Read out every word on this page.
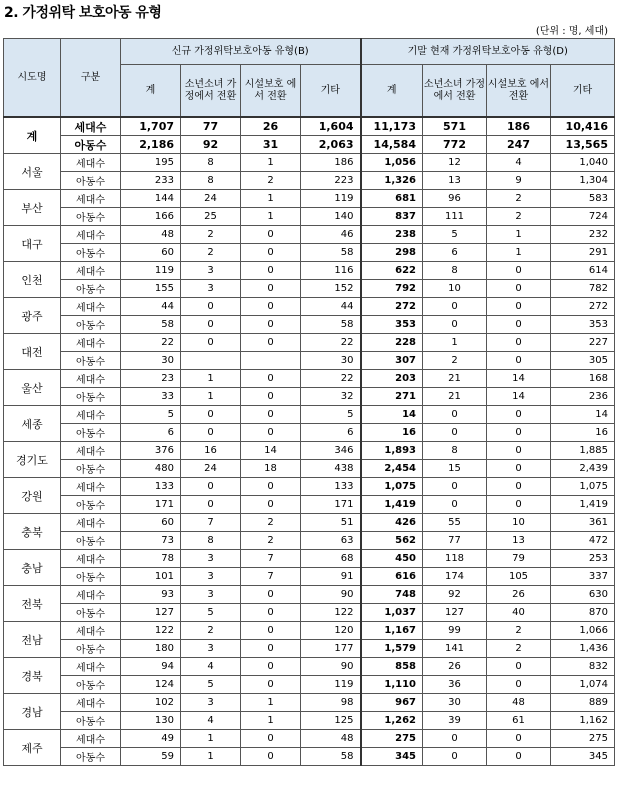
2. 가정위탁 보호아동 유형
(단위 : 명, 세대)
시도명	구분	신규 가정위탁보호아동 유형(B)				기말 현재 가정위탁보호아동 유형(D)			
		계	소년소녀 가정에서 전환	시설보호 에서 전환	기타	계	소년소녀 가정에서 전환	시설보호 에서 전환	기타
계	세대수	1,707	77	26	1,604	11,173	571	186	10,416
	아동수	2,186	92	31	2,063	14,584	772	247	13,565
서울	세대수	195	8	1	186	1,056	12	4	1,040
	아동수	233	8	2	223	1,326	13	9	1,304
부산	세대수	144	24	1	119	681	96	2	583
	아동수	166	25	1	140	837	111	2	724
대구	세대수	48	2	0	46	238	5	1	232
	아동수	60	2	0	58	298	6	1	291
인천	세대수	119	3	0	116	622	8	0	614
	아동수	155	3	0	152	792	10	0	782
광주	세대수	44	0	0	44	272	0	0	272
	아동수	58	0	0	58	353	0	0	353
대전	세대수	22	0	0	22	228	1	0	227
	아동수	30			30	307	2	0	305
울산	세대수	23	1	0	22	203	21	14	168
	아동수	33	1	0	32	271	21	14	236
세종	세대수	5	0	0	5	14	0	0	14
	아동수	6	0	0	6	16	0	0	16
경기도	세대수	376	16	14	346	1,893	8	0	1,885
	아동수	480	24	18	438	2,454	15	0	2,439
강원	세대수	133	0	0	133	1,075	0	0	1,075
	아동수	171	0	0	171	1,419	0	0	1,419
충북	세대수	60	7	2	51	426	55	10	361
	아동수	73	8	2	63	562	77	13	472
충남	세대수	78	3	7	68	450	118	79	253
	아동수	101	3	7	91	616	174	105	337
전북	세대수	93	3	0	90	748	92	26	630
	아동수	127	5	0	122	1,037	127	40	870
전남	세대수	122	2	0	120	1,167	99	2	1,066
	아동수	180	3	0	177	1,579	141	2	1,436
경북	세대수	94	4	0	90	858	26	0	832
	아동수	124	5	0	119	1,110	36	0	1,074
경남	세대수	102	3	1	98	967	30	48	889
	아동수	130	4	1	125	1,262	39	61	1,162
제주	세대수	49	1	0	48	275	0	0	275
	아동수	59	1	0	58	345	0	0	345
